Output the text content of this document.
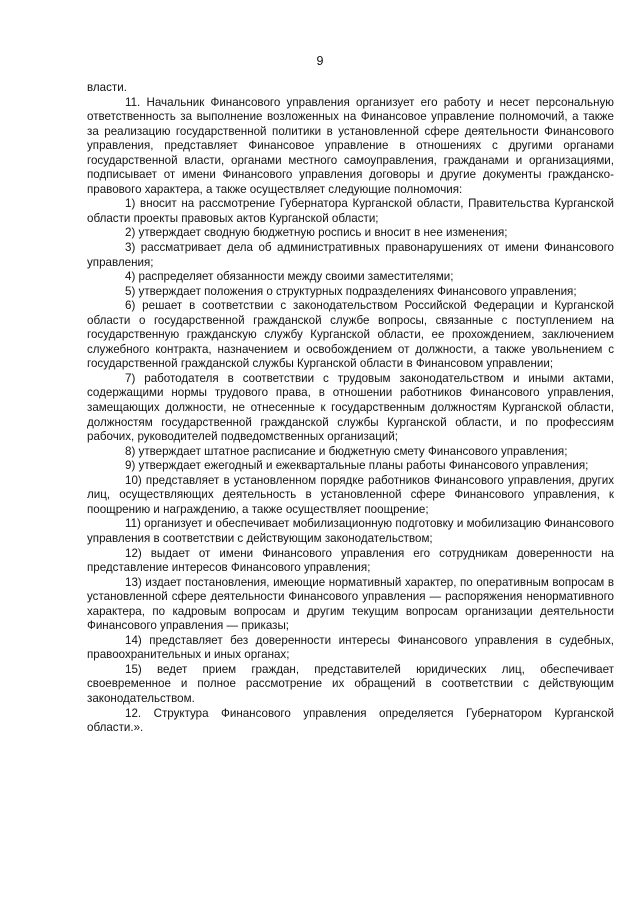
9

власти.

11. Начальник Финансового управления организует его работу и несет персональную ответственность за выполнение возложенных на Финансовое управление полномочий, а также за реализацию государственной политики в установленной сфере деятельности Финансового управления, представляет Финансовое управление в отношениях с другими органами государственной власти, органами местного самоуправления, гражданами и организациями, подписывает от имени Финансового управления договоры и другие документы гражданско-правового характера, а также осуществляет следующие полномочия:

1) вносит на рассмотрение Губернатора Курганской области, Правительства Курганской области проекты правовых актов Курганской области;

2) утверждает сводную бюджетную роспись и вносит в нее изменения;

3) рассматривает дела об административных правонарушениях от имени Финансового управления;

4) распределяет обязанности между своими заместителями;

5) утверждает положения о структурных подразделениях Финансового управления;

6) решает в соответствии с законодательством Российской Федерации и Курганской области о государственной гражданской службе вопросы, связанные с поступлением на государственную гражданскую службу Курганской области, ее прохождением, заключением служебного контракта, назначением и освобождением от должности, а также увольнением с государственной гражданской службы Курганской области в Финансовом управлении;

7) работодателя в соответствии с трудовым законодательством и иными актами, содержащими нормы трудового права, в отношении работников Финансового управления, замещающих должности, не отнесенные к государственным должностям Курганской области, должностям государственной гражданской службы Курганской области, и по профессиям рабочих, руководителей подведомственных организаций;

8) утверждает штатное расписание и бюджетную смету Финансового управления;

9) утверждает ежегодный и ежеквартальные планы работы Финансового управления;

10) представляет в установленном порядке работников Финансового управления, других лиц, осуществляющих деятельность в установленной сфере Финансового управления, к поощрению и награждению, а также осуществляет поощрение;

11) организует и обеспечивает мобилизационную подготовку и мобилизацию Финансового управления в соответствии с действующим законодательством;

12) выдает от имени Финансового управления его сотрудникам доверенности на представление интересов Финансового управления;

13) издает постановления, имеющие нормативный характер, по оперативным вопросам в установленной сфере деятельности Финансового управления — распоряжения ненормативного характера, по кадровым вопросам и другим текущим вопросам организации деятельности Финансового управления — приказы;

14) представляет без доверенности интересы Финансового управления в судебных, правоохранительных и иных органах;

15) ведет прием граждан, представителей юридических лиц, обеспечивает своевременное и полное рассмотрение их обращений в соответствии с действующим законодательством.

12. Структура Финансового управления определяется Губернатором Курганской области.».
